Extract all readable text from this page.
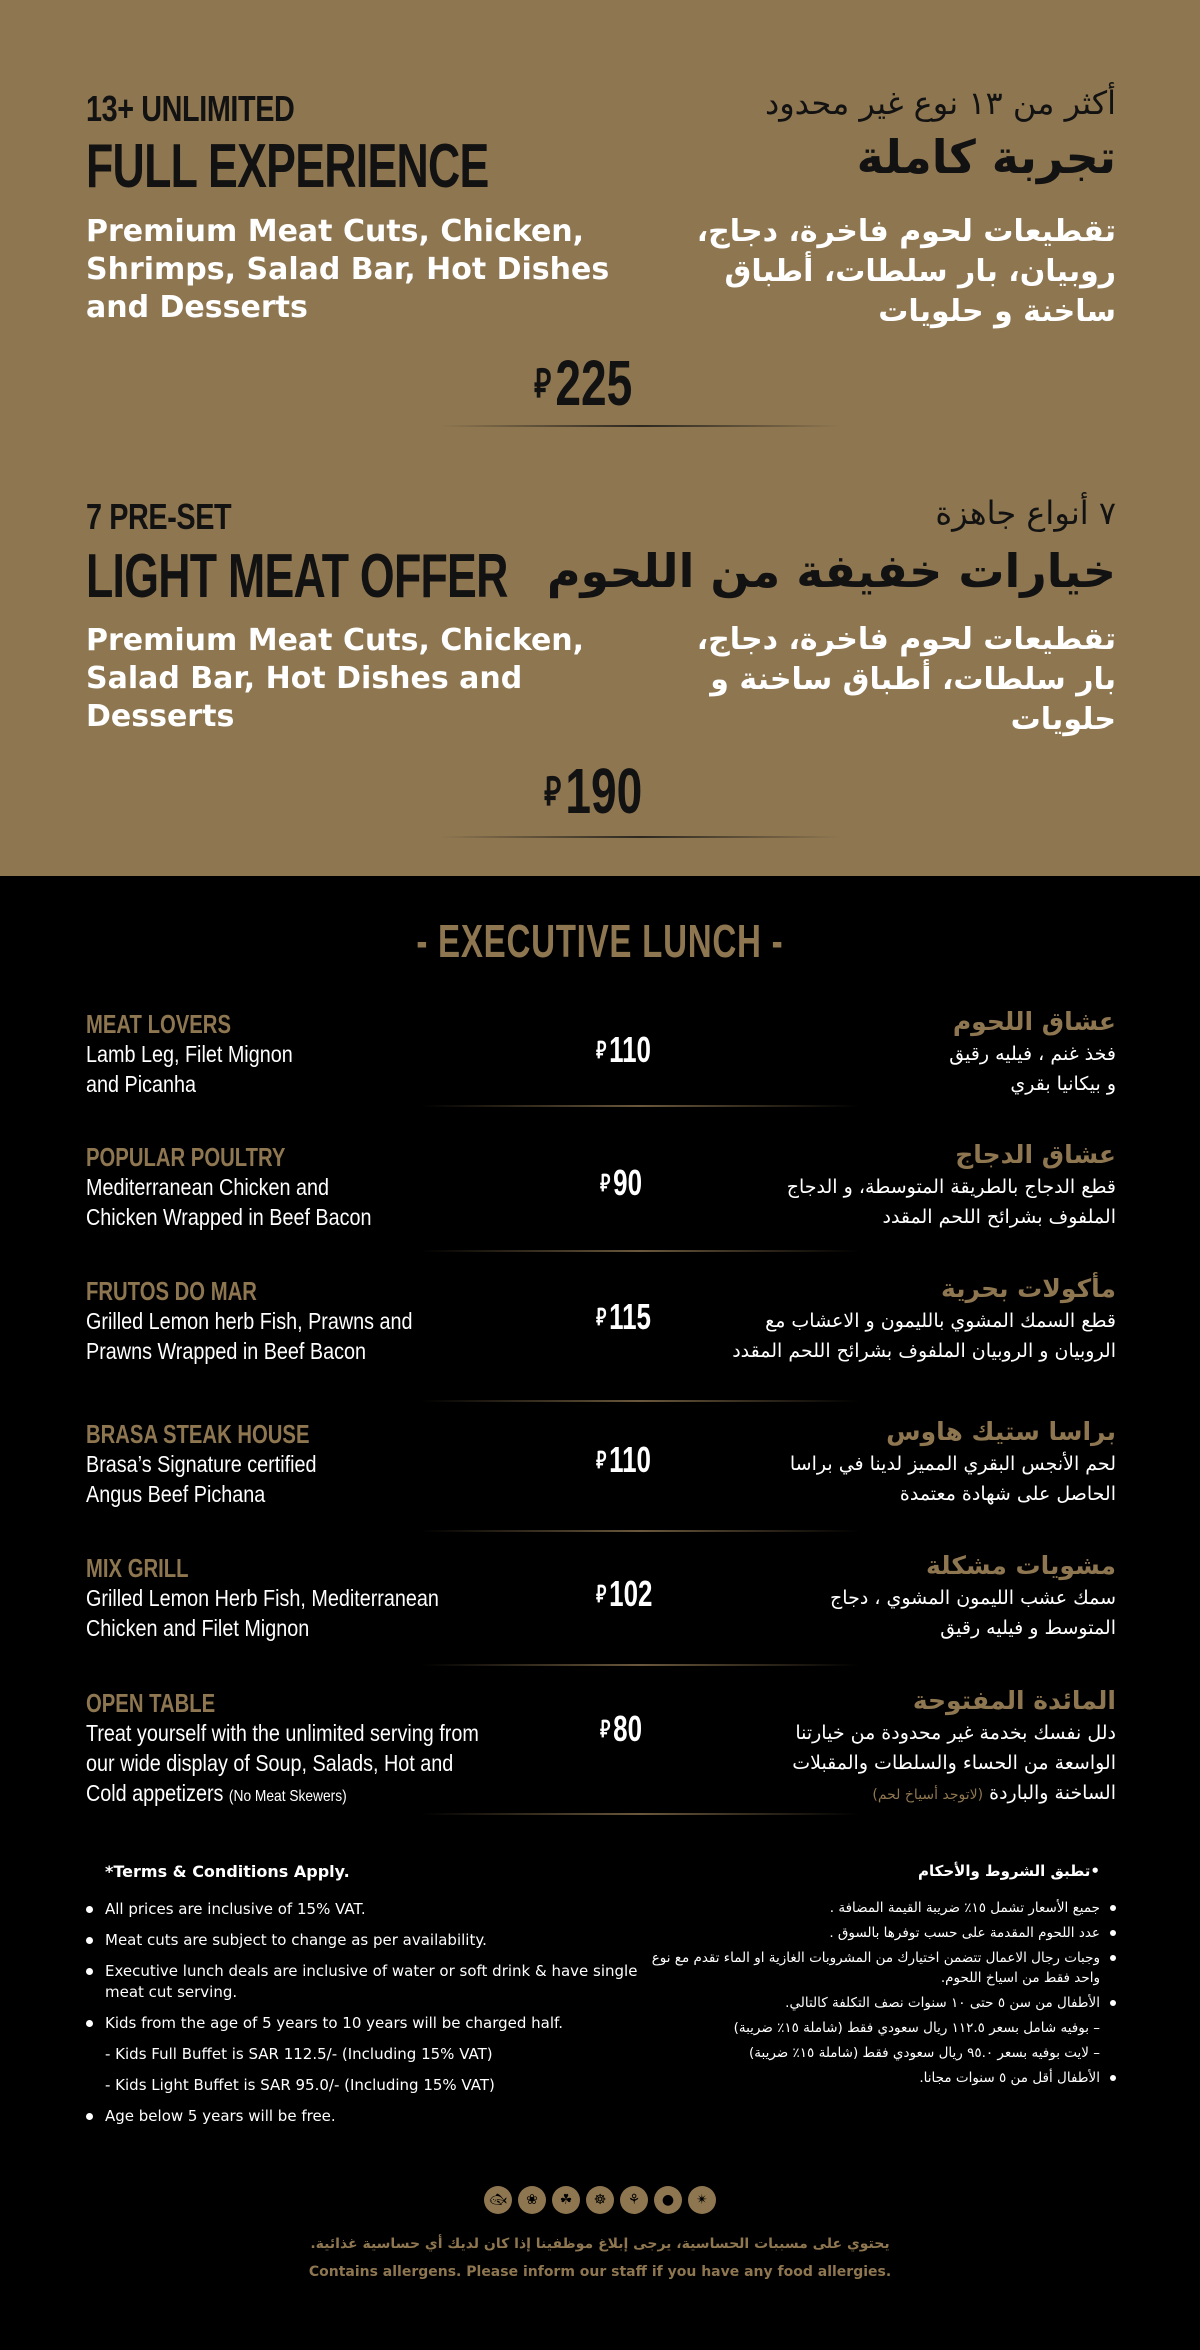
13+ UNLIMITED
FULL EXPERIENCE
Premium Meat Cuts, Chicken,
Shrimps, Salad Bar, Hot Dishes
and Desserts
أكثر من ١٣ نوع غير محدود
تجربة كاملة
تقطيعات لحوم فاخرة، دجاج،
روبيان، بار سلطات، أطباق
ساخنة و حلويات
⃁225
7 PRE-SET
LIGHT MEAT OFFER
Premium Meat Cuts, Chicken,
Salad Bar, Hot Dishes and
Desserts
٧ أنواع جاهزة
خيارات خفيفة من اللحوم
تقطيعات لحوم فاخرة، دجاج،
بار سلطات، أطباق ساخنة و
حلويات
⃁190
- EXECUTIVE LUNCH -
MEAT LOVERS
Lamb Leg, Filet Mignon
and Picanha
⃁110
عشاق اللحوم
فخذ غنم ، فيليه رقيق
و بيكانيا بقري
POPULAR POULTRY
Mediterranean Chicken and
Chicken Wrapped in Beef Bacon
⃁90
عشاق الدجاج
قطع الدجاج بالطريقة المتوسطة، و الدجاج
الملفوف بشرائح اللحم المقدد
FRUTOS DO MAR
Grilled Lemon herb Fish, Prawns and
Prawns Wrapped in Beef Bacon
⃁115
مأكولات بحرية
قطع السمك المشوي بالليمون و الاعشاب مع
الروبيان و الروبيان الملفوف بشرائح اللحم المقدد
BRASA STEAK HOUSE
Brasa’s Signature certified
Angus Beef Pichana
⃁110
براسا ستيك هاوس
لحم الأنجس البقري المميز لدينا في براسا
الحاصل على شهادة معتمدة
MIX GRILL
Grilled Lemon Herb Fish, Mediterranean
Chicken and Filet Mignon
⃁102
مشويات مشكلة
سمك عشب الليمون المشوي ، دجاج
المتوسط و فيليه رقيق
OPEN TABLE
Treat yourself with the unlimited serving from
our wide display of Soup, Salads, Hot and
Cold appetizers (No Meat Skewers)
⃁80
المائدة المفتوحة
دلل نفسك بخدمة غير محدودة من خيارتنا
الواسعة من الحساء والسلطات والمقبلات
الساخنة والباردة (لاتوجد أسياخ لحم)
*Terms & Conditions Apply.
All prices are inclusive of 15% VAT.
Meat cuts are subject to change as per availability.
Executive lunch deals are inclusive of water or soft drink & have single meat cut serving.
Kids from the age of 5 years to 10 years will be charged half.
- Kids Full Buffet is SAR 112.5/- (Including 15% VAT)
- Kids Light Buffet is SAR 95.0/- (Including 15% VAT)
Age below 5 years will be free.
•تطبق الشروط والأحكام
جميع الأسعار تشمل ١٥٪ ضريبة القيمة المضافة .
عدد اللحوم المقدمة على حسب توفرها بالسوق .
وجبات رجال الاعمال تتضمن اختيارك من المشروبات الغازية او الماء تقدم مع نوع واحد فقط من اسياخ اللحوم.
الأطفال من سن ٥ حتى ١٠ سنوات نصف التكلفة كالتالي.
– بوفيه شامل بسعر ١١٢.٥ ريال سعودي فقط (شاملة ١٥٪ ضريبة)
– لايت بوفيه بسعر ٩٥.٠ ريال سعودي فقط (شاملة ١٥٪ ضريبة)
الأطفال أقل من ٥ سنوات مجانا.
🐟︎	❀	☘	☸	⚘	●	✴
يحتوي على مسببات الحساسية، يرجى إبلاغ موظفينا إذا كان لديك أي حساسية غذائية.
Contains allergens. Please inform our staff if you have any food allergies.
